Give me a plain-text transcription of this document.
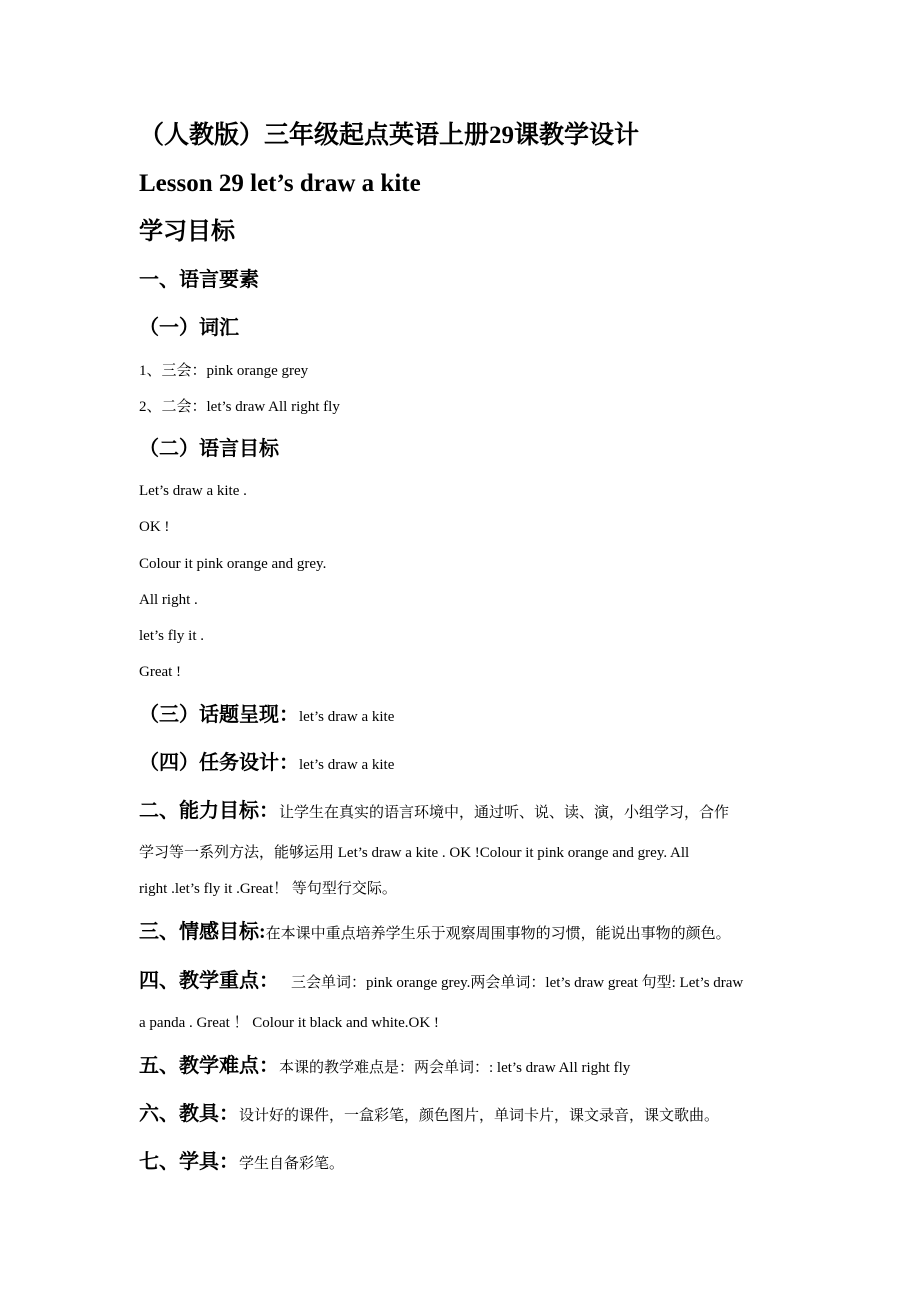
（人教版）三年级起点英语上册29课教学设计
Lesson 29 let’s draw a kite
学习目标
一、语言要素
（一）词汇
1、三会：pink orange grey
2、二会：let’s draw All right fly
（二）语言目标
Let’s draw a kite .
OK !
Colour it pink orange and grey.
All right .
let’s fly it .
Great !
（三）话题呈现：let’s draw a kite
（四）任务设计：let’s draw a kite
二、能力目标：让学生在真实的语言环境中，通过听、说、读、演，小组学习，合作
学习等一系列方法，能够运用 Let’s draw a kite . OK !Colour it pink orange and grey. All
right .let’s fly it .Great！ 等句型行交际。
三、情感目标:在本课中重点培养学生乐于观察周围事物的习惯，能说出事物的颜色。
四、教学重点： 三会单词：pink orange grey.两会单词：let’s draw great 句型: Let’s draw
a panda . Great ！ Colour it black and white.OK !
五、教学难点：本课的教学难点是：两会单词：: let’s draw All right fly
六、教具：设计好的课件，一盒彩笔，颜色图片，单词卡片，课文录音，课文歌曲。
七、学具：学生自备彩笔。
